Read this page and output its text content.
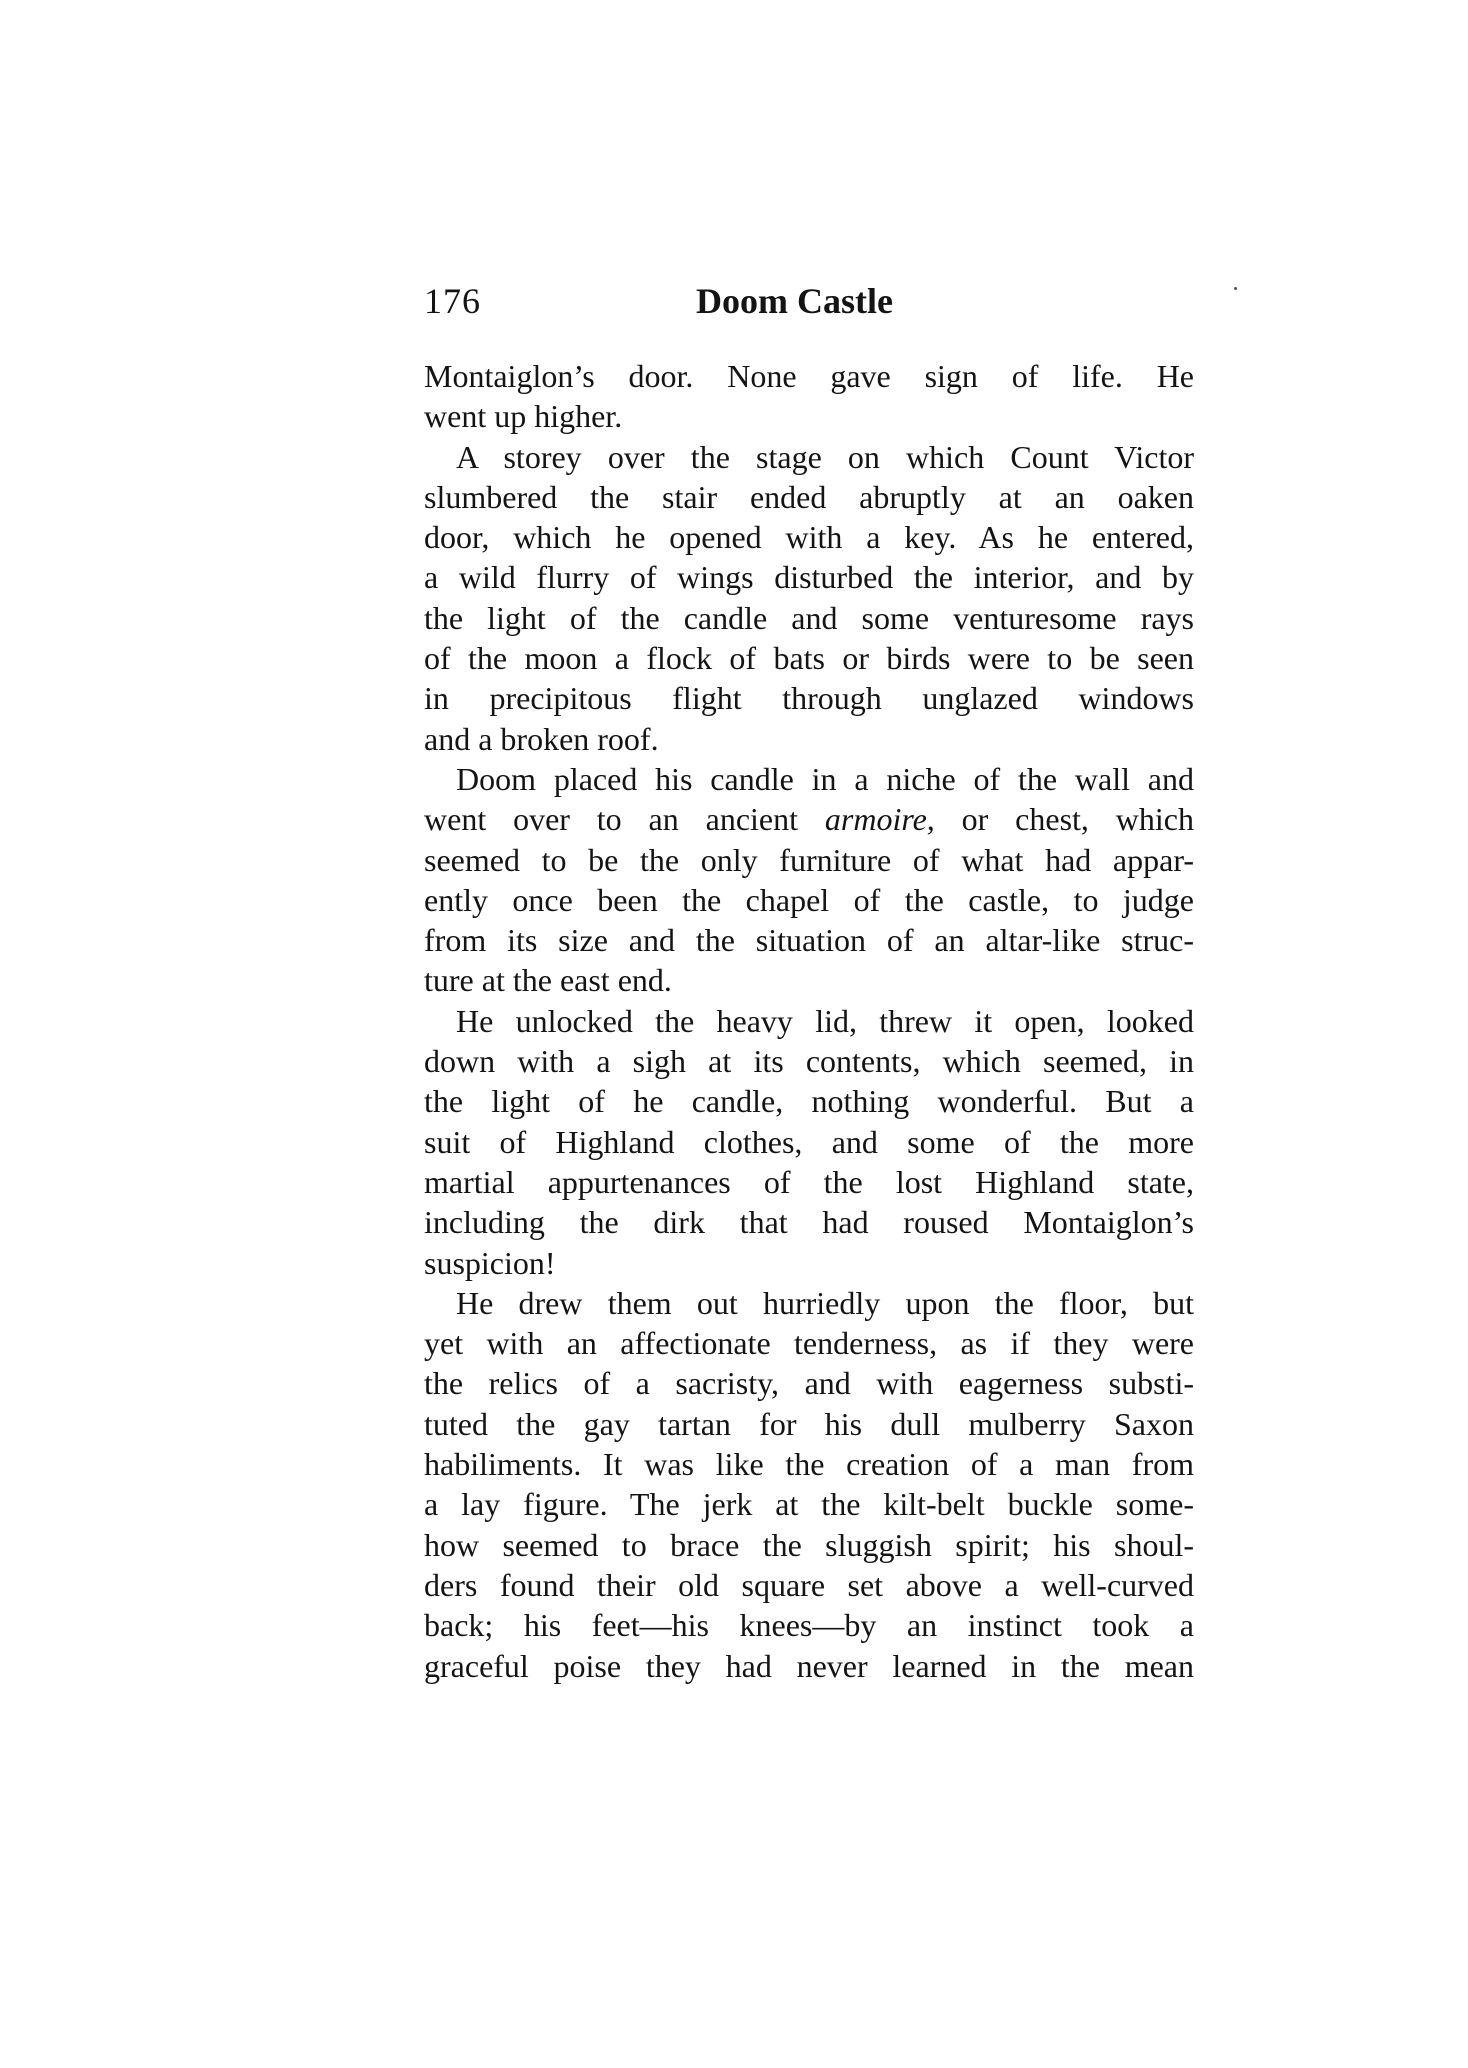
176	Doom Castle
Montaiglon’s door. None gave sign of life. He
went up higher.
A storey over the stage on which Count Victor
slumbered the stair ended abruptly at an oaken
door, which he opened with a key. As he entered,
a wild flurry of wings disturbed the interior, and by
the light of the candle and some venturesome rays
of the moon a flock of bats or birds were to be seen
in precipitous flight through unglazed windows
and a broken roof.
Doom placed his candle in a niche of the wall and
went over to an ancient armoire, or chest, which
seemed to be the only furniture of what had appar-
ently once been the chapel of the castle, to judge
from its size and the situation of an altar-like struc-
ture at the east end.
He unlocked the heavy lid, threw it open, looked
down with a sigh at its contents, which seemed, in
the light of he candle, nothing wonderful. But a
suit of Highland clothes, and some of the more
martial appurtenances of the lost Highland state,
including the dirk that had roused Montaiglon’s
suspicion!
He drew them out hurriedly upon the floor, but
yet with an affectionate tenderness, as if they were
the relics of a sacristy, and with eagerness substi-
tuted the gay tartan for his dull mulberry Saxon
habiliments. It was like the creation of a man from
a lay figure. The jerk at the kilt-belt buckle some-
how seemed to brace the sluggish spirit; his shoul-
ders found their old square set above a well-curved
back; his feet—his knees—by an instinct took a
graceful poise they had never learned in the mean
